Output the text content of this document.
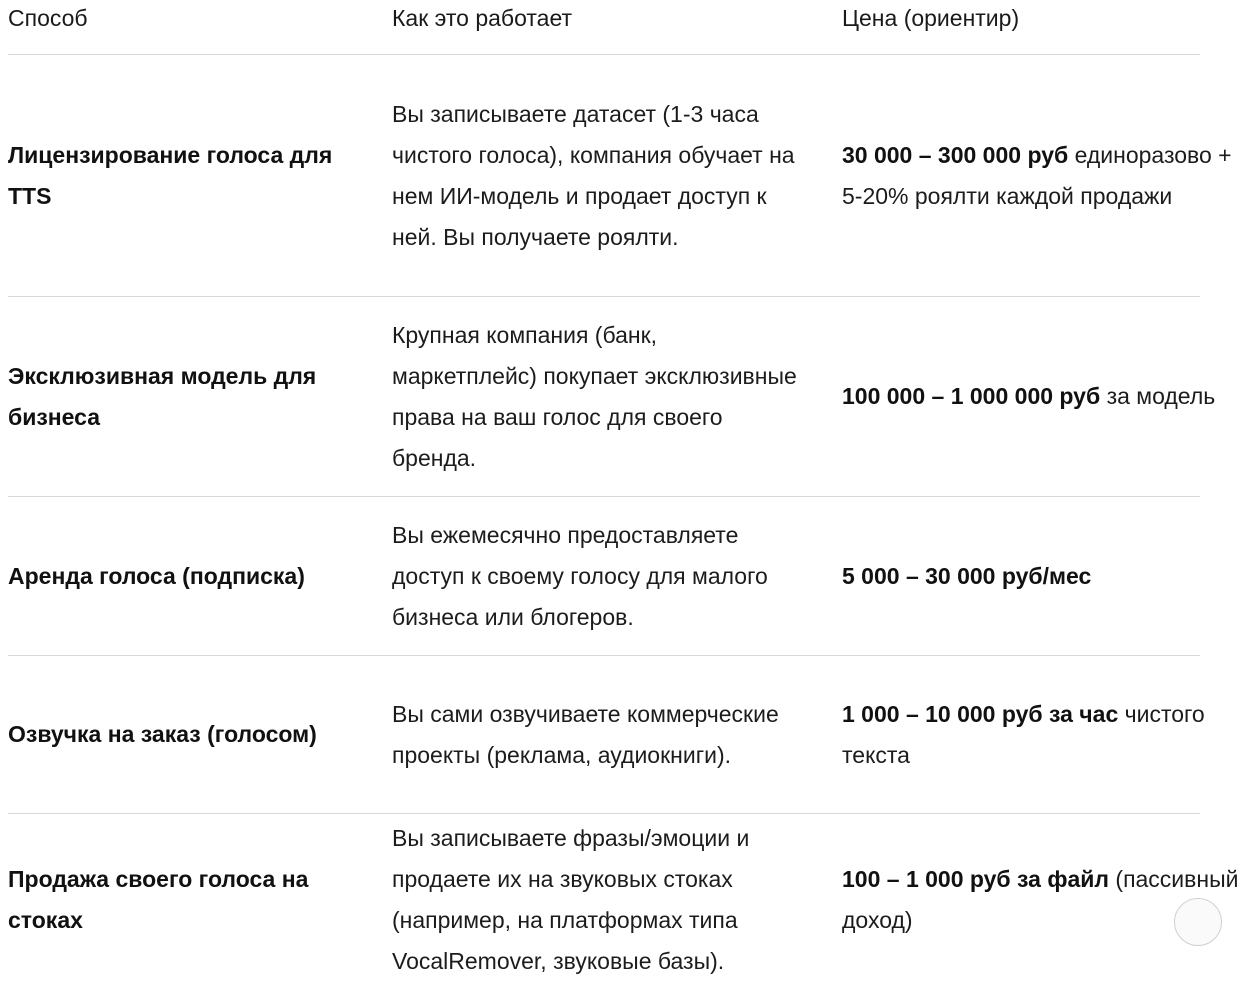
Способ	Как это работает	Цена (ориентир)
Лицензирование голоса для TTS
Вы записываете датасет (1-3 часа чистого голоса), компания обучает на нем ИИ-модель и продает доступ к ней. Вы получаете роялти.
30 000 – 300 000 руб единоразово + 5-20% роялти каждой продажи
Эксклюзивная модель для бизнеса
Крупная компания (банк, маркетплейс) покупает эксклюзивные права на ваш голос для своего бренда.
100 000 – 1 000 000 руб за модель
Аренда голоса (подписка)
Вы ежемесячно предоставляете доступ к своему голосу для малого бизнеса или блогеров.
5 000 – 30 000 руб/мес
Озвучка на заказ (голосом)
Вы сами озвучиваете коммерческие проекты (реклама, аудиокниги).
1 000 – 10 000 руб за час чистого текста
Продажа своего голоса на стоках
Вы записываете фразы/эмоции и продаете их на звуковых стоках (например, на платформах типа VocalRemover, звуковые базы).
100 – 1 000 руб за файл (пассивный доход)
